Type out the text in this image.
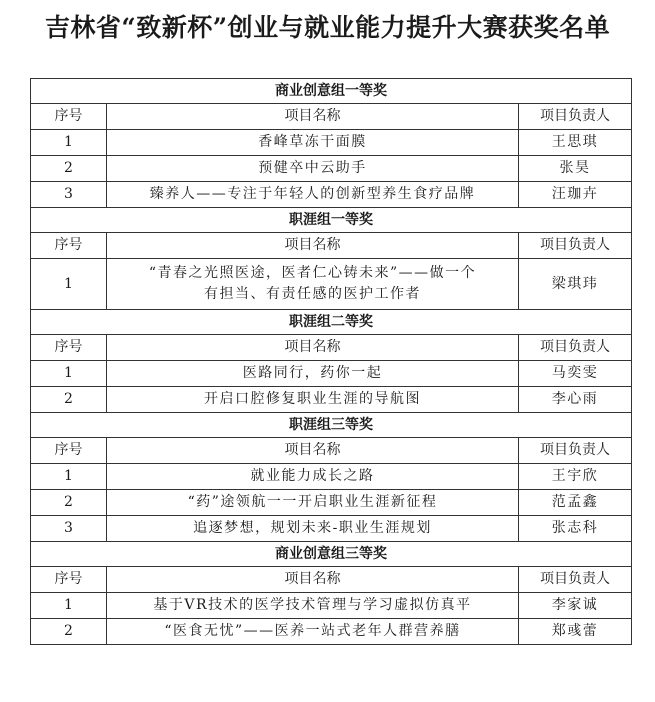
吉林省“致新杯”创业与就业能力提升大赛获奖名单
商业创意组一等奖		
序号	项目名称	项目负责人
1	香峰草冻干面膜	王思琪
2	预健卒中云助手	张昊
3	臻养人——专注于年轻人的创新型养生食疗品牌	汪珈卉
职涯组一等奖		
序号	项目名称	项目负责人
1	“青春之光照医途，医者仁心铸未来”——做一个
有担当、有责任感的医护工作者	梁琪玮
职涯组二等奖		
序号	项目名称	项目负责人
1	医路同行，药你一起	马奕雯
2	开启口腔修复职业生涯的导航图	李心雨
职涯组三等奖		
序号	项目名称	项目负责人
1	就业能力成长之路	王宇欣
2	“药”途领航一一开启职业生涯新征程	范孟鑫
3	追逐梦想，规划未来-职业生涯规划	张志科
商业创意组三等奖		
序号	项目名称	项目负责人
1	基于VR技术的医学技术管理与学习虚拟仿真平	李家诚
2	“医食无忧”——医养一站式老年人群营养膳	郑彧蕾
